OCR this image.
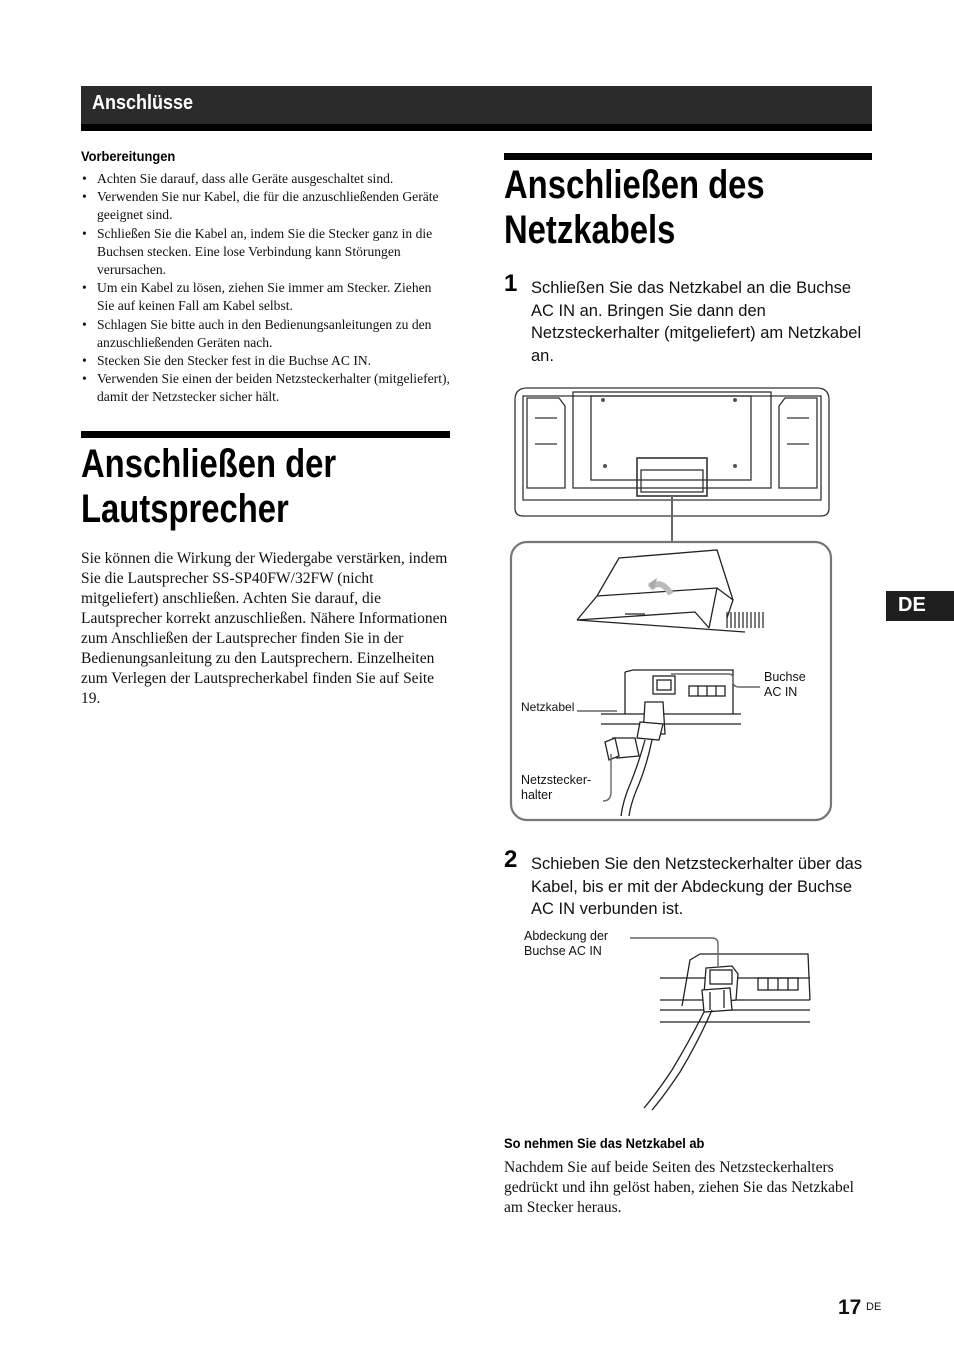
Anschlüsse
Vorbereitungen
• Achten Sie darauf, dass alle Geräte ausgeschaltet sind.
• Verwenden Sie nur Kabel, die für die anzuschließenden Geräte geeignet sind.
• Schließen Sie die Kabel an, indem Sie die Stecker ganz in die Buchsen stecken. Eine lose Verbindung kann Störungen verursachen.
• Um ein Kabel zu lösen, ziehen Sie immer am Stecker. Ziehen Sie auf keinen Fall am Kabel selbst.
• Schlagen Sie bitte auch in den Bedienungsanleitungen zu den anzuschließenden Geräten nach.
• Stecken Sie den Stecker fest in die Buchse AC IN.
• Verwenden Sie einen der beiden Netzsteckerhalter (mitgeliefert), damit der Netzstecker sicher hält.
Anschließen der
Lautsprecher

Sie können die Wirkung der Wiedergabe verstärken, indem Sie die Lautsprecher SS-SP40FW/32FW (nicht mitgeliefert) anschließen. Achten Sie darauf, die Lautsprecher korrekt anzuschließen. Nähere Informationen zum Anschließen der Lautsprecher finden Sie in der Bedienungsanleitung zu den Lautsprechern. Einzelheiten zum Verlegen der Lautsprecherkabel finden Sie auf Seite 19.

Anschließen des
Netzkabels
1 Schließen Sie das Netzkabel an die Buchse AC IN an. Bringen Sie dann den Netzsteckerhalter (mitgeliefert) am Netzkabel an.

Buchse
AC IN
Netzkabel
Netzstecker-
halter
2 Schieben Sie den Netzsteckerhalter über das Kabel, bis er mit der Abdeckung der Buchse AC IN verbunden ist.

Abdeckung der
Buchse AC IN
So nehmen Sie das Netzkabel ab

Nachdem Sie auf beide Seiten des Netzsteckerhalters gedrückt und ihn gelöst haben, ziehen Sie das Netzkabel am Stecker heraus.

DE
17 DE
